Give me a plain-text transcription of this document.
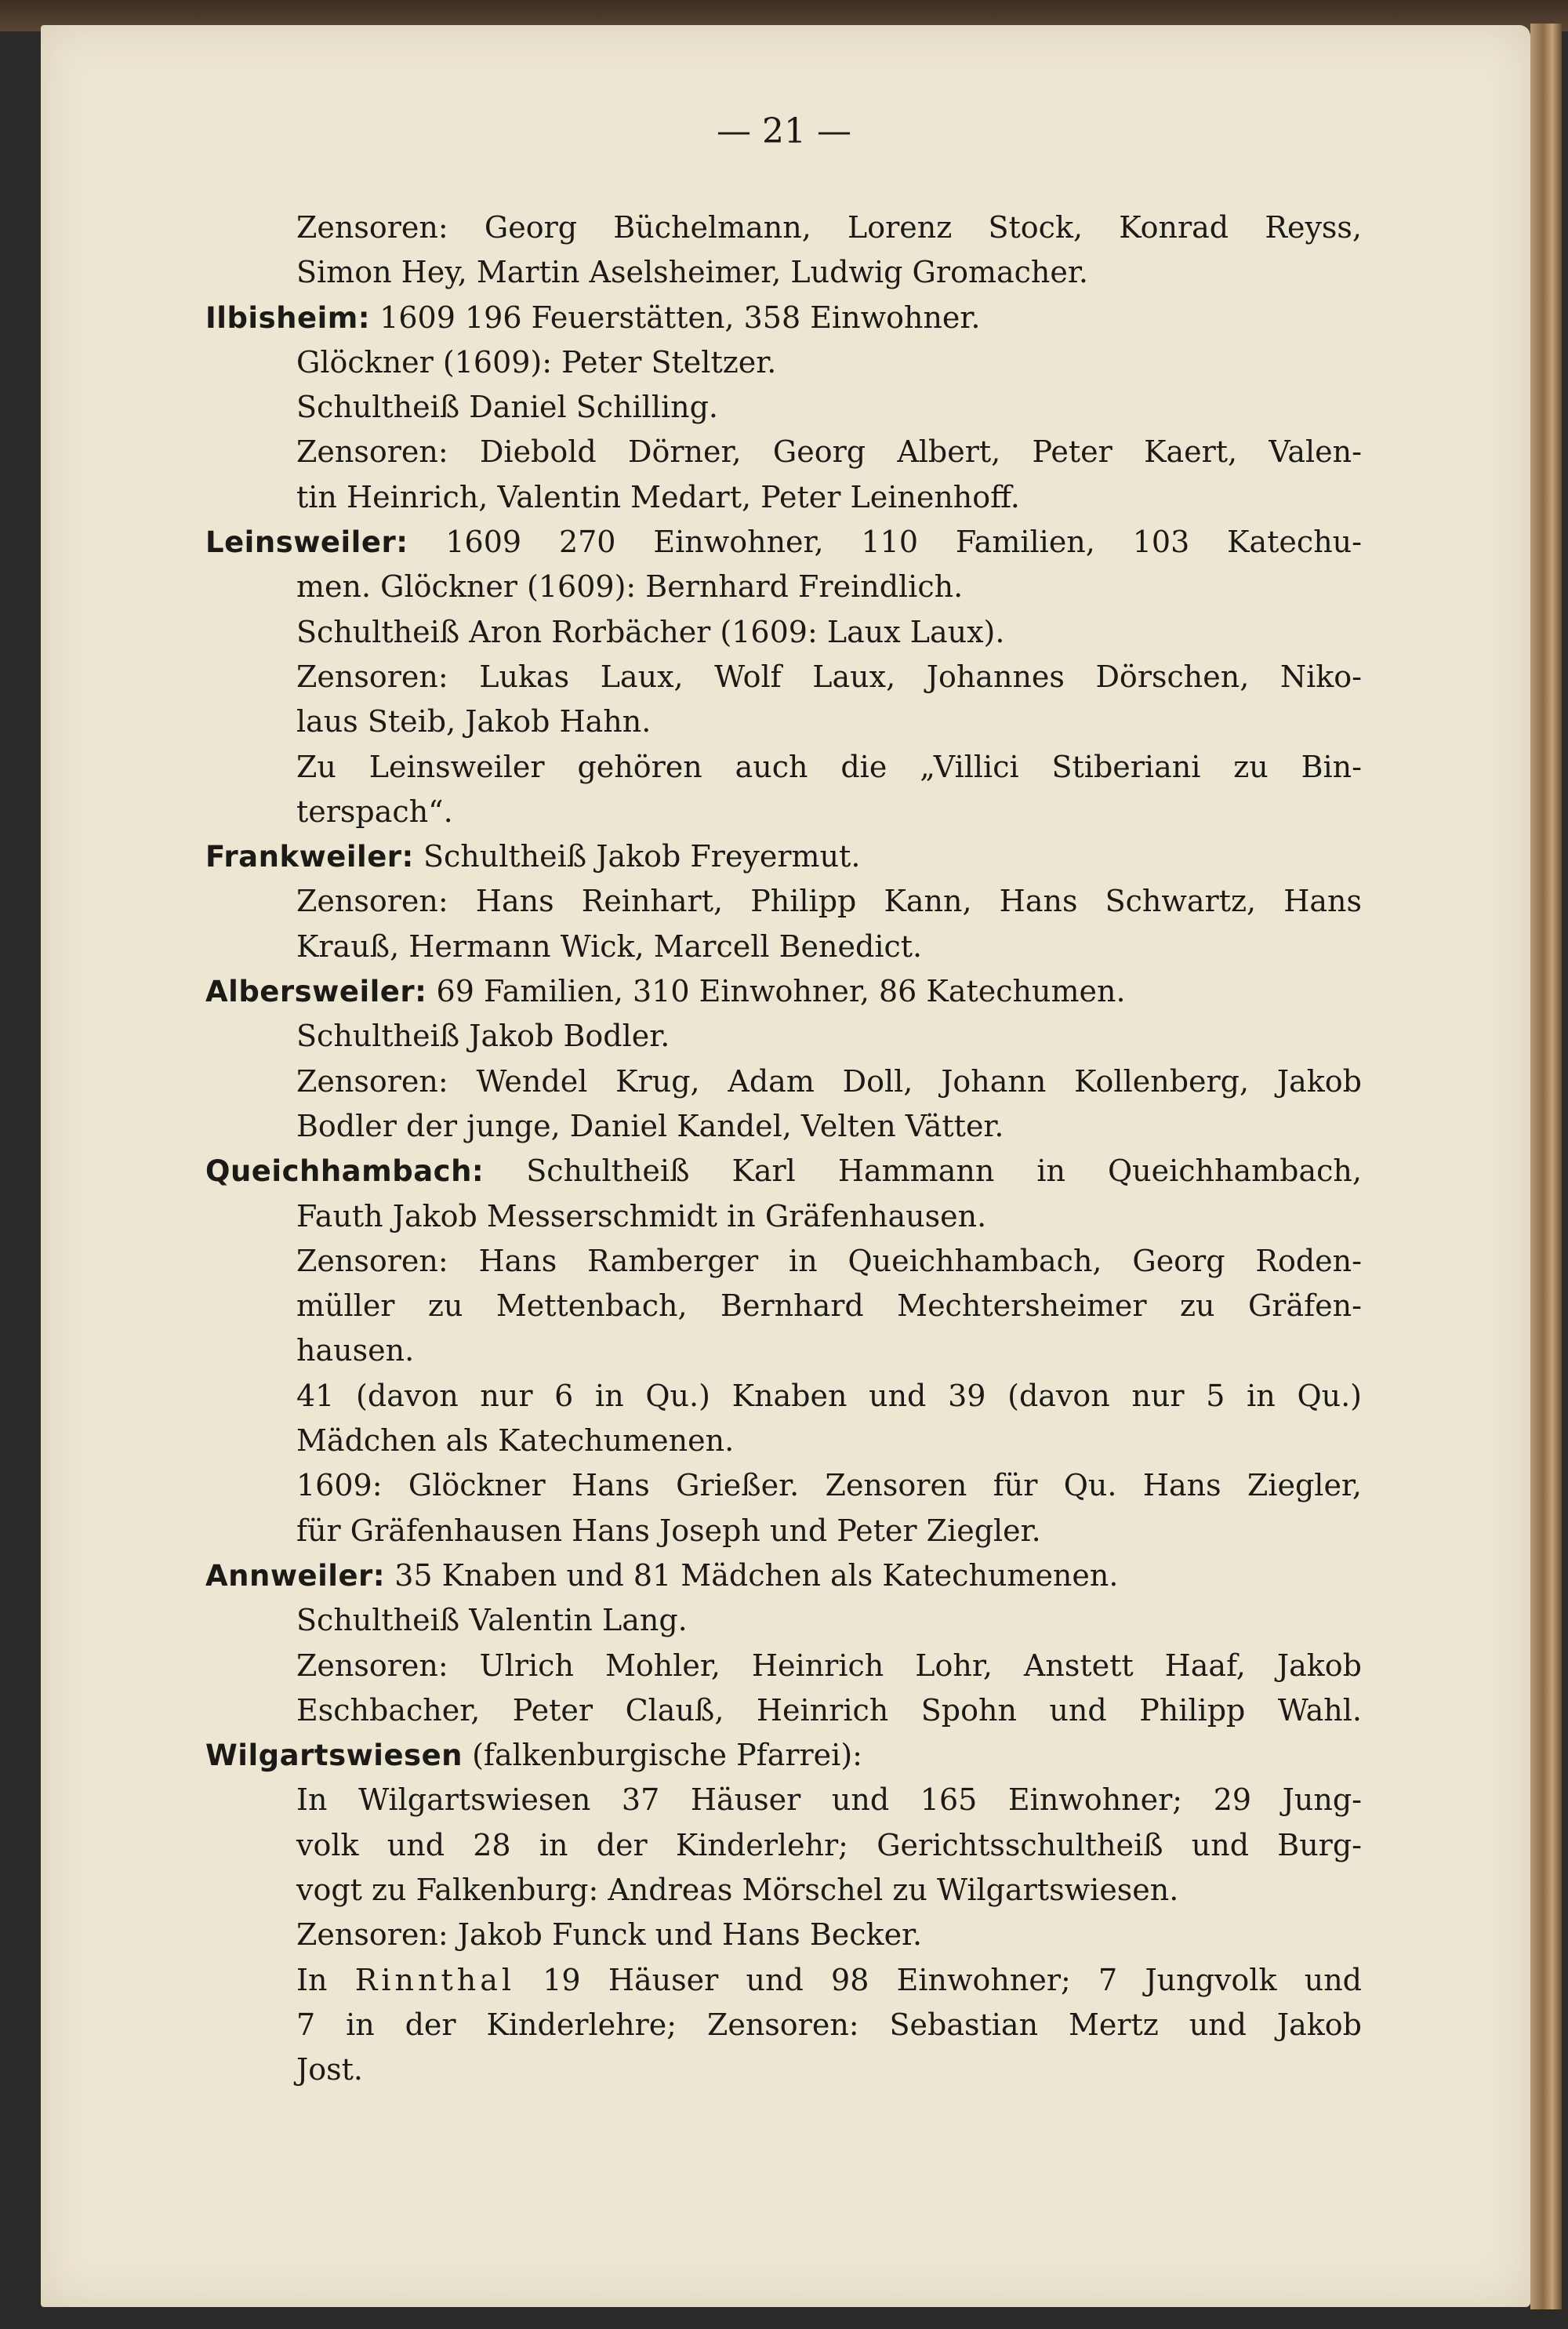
— 21 —
Zensoren: Georg Büchelmann, Lorenz Stock, Konrad Reyss,
Simon Hey, Martin Aselsheimer, Ludwig Gromacher.
Ilbisheim: 1609 196 Feuerstätten, 358 Einwohner.
Glöckner (1609): Peter Steltzer.
Schultheiß Daniel Schilling.
Zensoren: Diebold Dörner, Georg Albert, Peter Kaert, Valen-
tin Heinrich, Valentin Medart, Peter Leinenhoff.
Leinsweiler: 1609 270 Einwohner, 110 Familien, 103 Katechu-
men. Glöckner (1609): Bernhard Freindlich.
Schultheiß Aron Rorbächer (1609: Laux Laux).
Zensoren: Lukas Laux, Wolf Laux, Johannes Dörschen, Niko-
laus Steib, Jakob Hahn.
Zu Leinsweiler gehören auch die „Villici Stiberiani zu Bin-
terspach“.
Frankweiler: Schultheiß Jakob Freyermut.
Zensoren: Hans Reinhart, Philipp Kann, Hans Schwartz, Hans
Krauß, Hermann Wick, Marcell Benedict.
Albersweiler: 69 Familien, 310 Einwohner, 86 Katechumen.
Schultheiß Jakob Bodler.
Zensoren: Wendel Krug, Adam Doll, Johann Kollenberg, Jakob
Bodler der junge, Daniel Kandel, Velten Vätter.
Queichhambach: Schultheiß Karl Hammann in Queichhambach,
Fauth Jakob Messerschmidt in Gräfenhausen.
Zensoren: Hans Ramberger in Queichhambach, Georg Roden-
müller zu Mettenbach, Bernhard Mechtersheimer zu Gräfen-
hausen.
41 (davon nur 6 in Qu.) Knaben und 39 (davon nur 5 in Qu.)
Mädchen als Katechumenen.
1609: Glöckner Hans Grießer. Zensoren für Qu. Hans Ziegler,
für Gräfenhausen Hans Joseph und Peter Ziegler.
Annweiler: 35 Knaben und 81 Mädchen als Katechumenen.
Schultheiß Valentin Lang.
Zensoren: Ulrich Mohler, Heinrich Lohr, Anstett Haaf, Jakob
Eschbacher, Peter Clauß, Heinrich Spohn und Philipp Wahl.
Wilgartswiesen (falkenburgische Pfarrei):
In Wilgartswiesen 37 Häuser und 165 Einwohner; 29 Jung-
volk und 28 in der Kinderlehr; Gerichtsschultheiß und Burg-
vogt zu Falkenburg: Andreas Mörschel zu Wilgartswiesen.
Zensoren: Jakob Funck und Hans Becker.
In Rinnthal 19 Häuser und 98 Einwohner; 7 Jungvolk und
7 in der Kinderlehre; Zensoren: Sebastian Mertz und Jakob
Jost.
